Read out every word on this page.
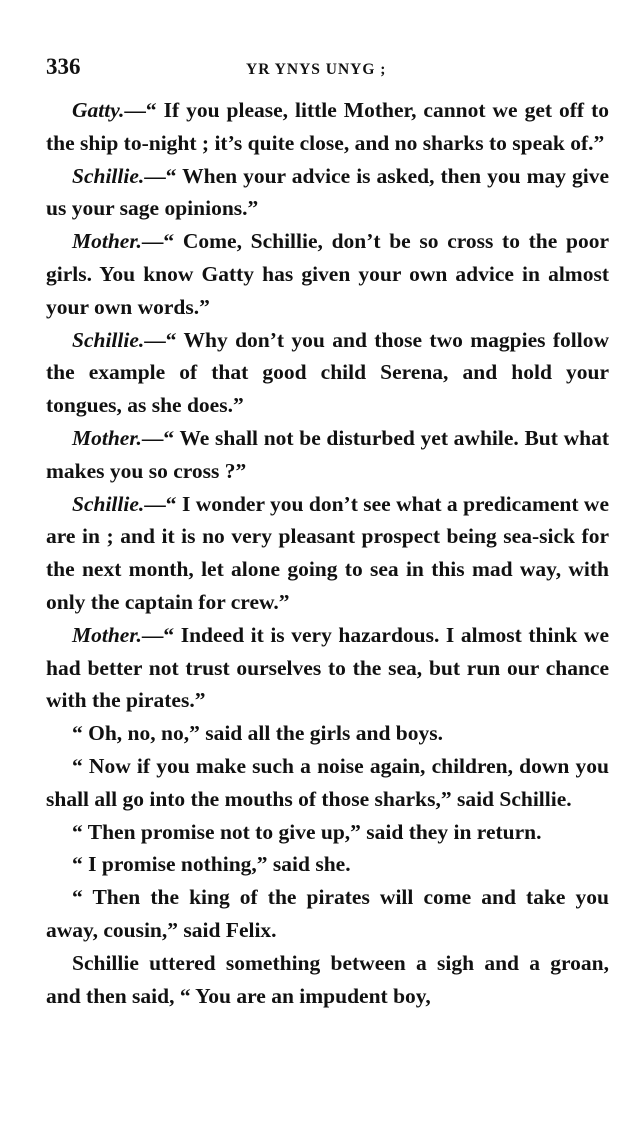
336	YR YNYS UNYG ;

Gatty.—“ If you please, little Mother, cannot we get off to the ship to-night ; it’s quite close, and no sharks to speak of.”

Schillie.—“ When your advice is asked, then you may give us your sage opinions.”

Mother.—“ Come, Schillie, don’t be so cross to the poor girls. You know Gatty has given your own advice in almost your own words.”

Schillie.—“ Why don’t you and those two magpies follow the example of that good child Serena, and hold your tongues, as she does.”

Mother.—“ We shall not be disturbed yet awhile. But what makes you so cross ?”

Schillie.—“ I wonder you don’t see what a predicament we are in ; and it is no very pleasant prospect being sea-sick for the next month, let alone going to sea in this mad way, with only the captain for crew.”

Mother.—“ Indeed it is very hazardous. I almost think we had better not trust ourselves to the sea, but run our chance with the pirates.”

“ Oh, no, no,” said all the girls and boys.

“ Now if you make such a noise again, children, down you shall all go into the mouths of those sharks,” said Schillie.

“ Then promise not to give up,” said they in return.

“ I promise nothing,” said she.

“ Then the king of the pirates will come and take you away, cousin,” said Felix.

Schillie uttered something between a sigh and a groan, and then said, “ You are an impudent boy,
